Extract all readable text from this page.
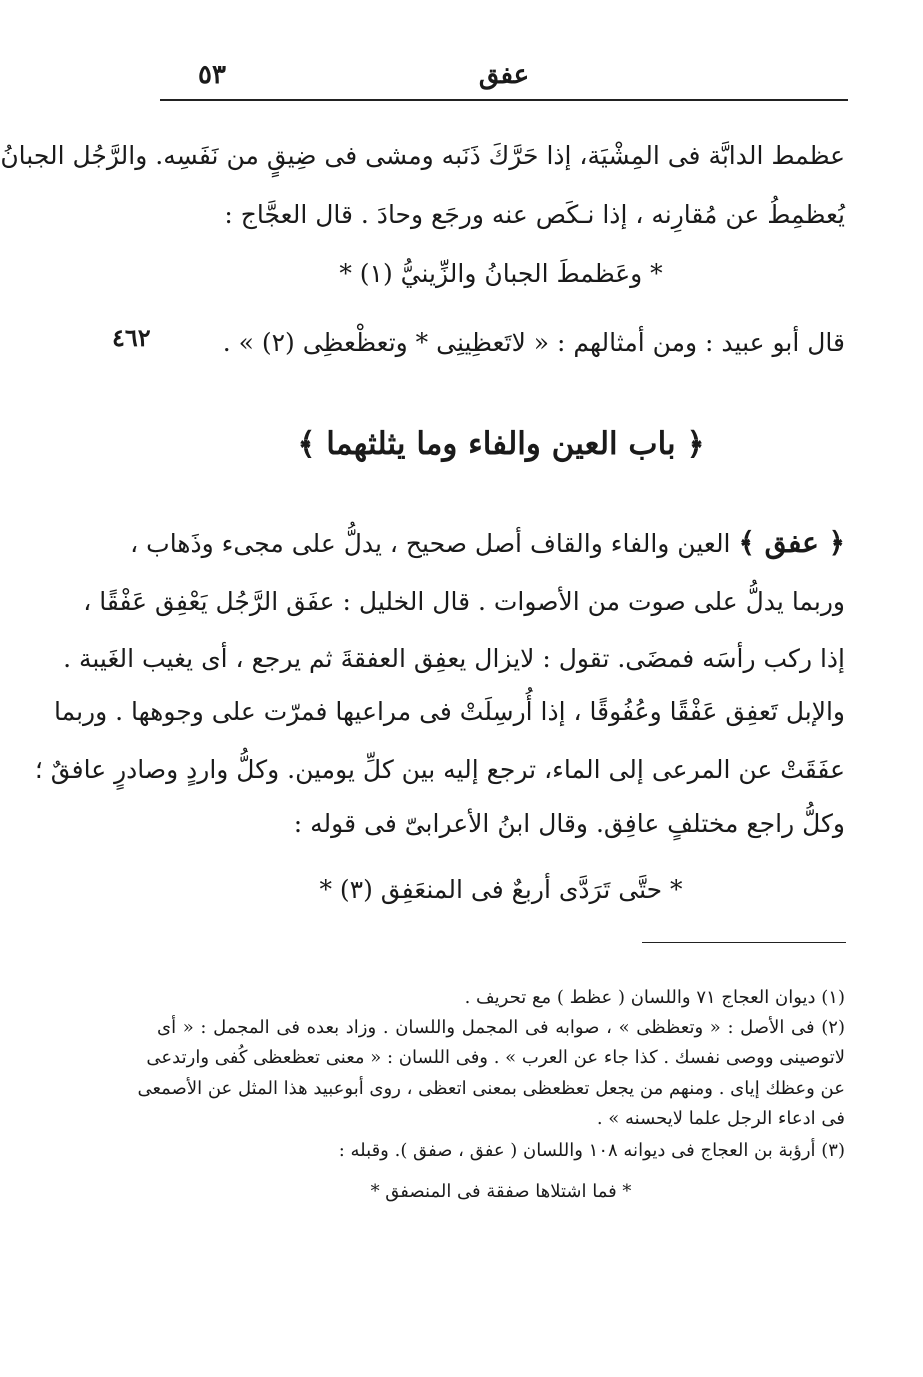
عفق
٥٣
عظمط الدابَّة فى المِشْيَة، إذا حَرَّكَ ذَنَبه ومشى فى ضِيقٍ من نَفَسِه. والرَّجُل الجبانُ
يُعظمِطُ عن مُقارِنه ، إذا نـكَص عنه ورجَع وحادَ . قال العجَّاج :
* وعَظمطَ الجبانُ والزِّينيُّ (١) *
قال أبو عبيد : ومن أمثالهم : « لاتَعظِينِى * وتعظْعظِى (٢) » .
٤٦٢
﴿ باب العين والفاء وما يثلثهما ﴾
﴿ عفق ﴾ العين والفاء والقاف أصل صحيح ، يدلُّ على مجىء وذَهاب ،
وربما يدلُّ على صوت من الأصوات . قال الخليل : عفَق الرَّجُل يَعْفِق عَفْقًا ،
إذا ركب رأسَه فمضَى. تقول : لايزال يعفِق العفقةَ ثم يرجع ، أى يغيب الغَيبة .
والإبل تَعفِق عَفْقًا وعُفُوقًا ، إذا أُرسِلَتْ فى مراعيها فمرّت على وجوهها . وربما
عفَقَتْ عن المرعى إلى الماء، ترجع إليه بين كلِّ يومين. وكلُّ واردٍ وصادرٍ عافقٌ ؛
وكلُّ راجع مختلفٍ عافِق. وقال ابنُ الأعرابىّ فى قوله :
* حتَّى تَرَدَّى أربعٌ فى المنعَفِق (٣) *
(١) ديوان العجاج ٧١ واللسان ( عظط ) مع تحريف .
(٢) فى الأصل : « وتعظظى » ، صوابه فى المجمل واللسان . وزاد بعده فى المجمل : « أى
لاتوصينى ووصى نفسك . كذا جاء عن العرب » . وفى اللسان : « معنى تعظعظى كُفى وارتدعى
عن وعظك إياى . ومنهم من يجعل تعظعظى بمعنى اتعظى ، روى أبوعبيد هذا المثل عن الأصمعى
فى ادعاء الرجل علما لايحسنه » .
(٣) أرؤبة بن العجاج فى ديوانه ١٠٨ واللسان ( عفق ، صفق ). وقبله :
* فما اشتلاها صفقة فى المنصفق *
